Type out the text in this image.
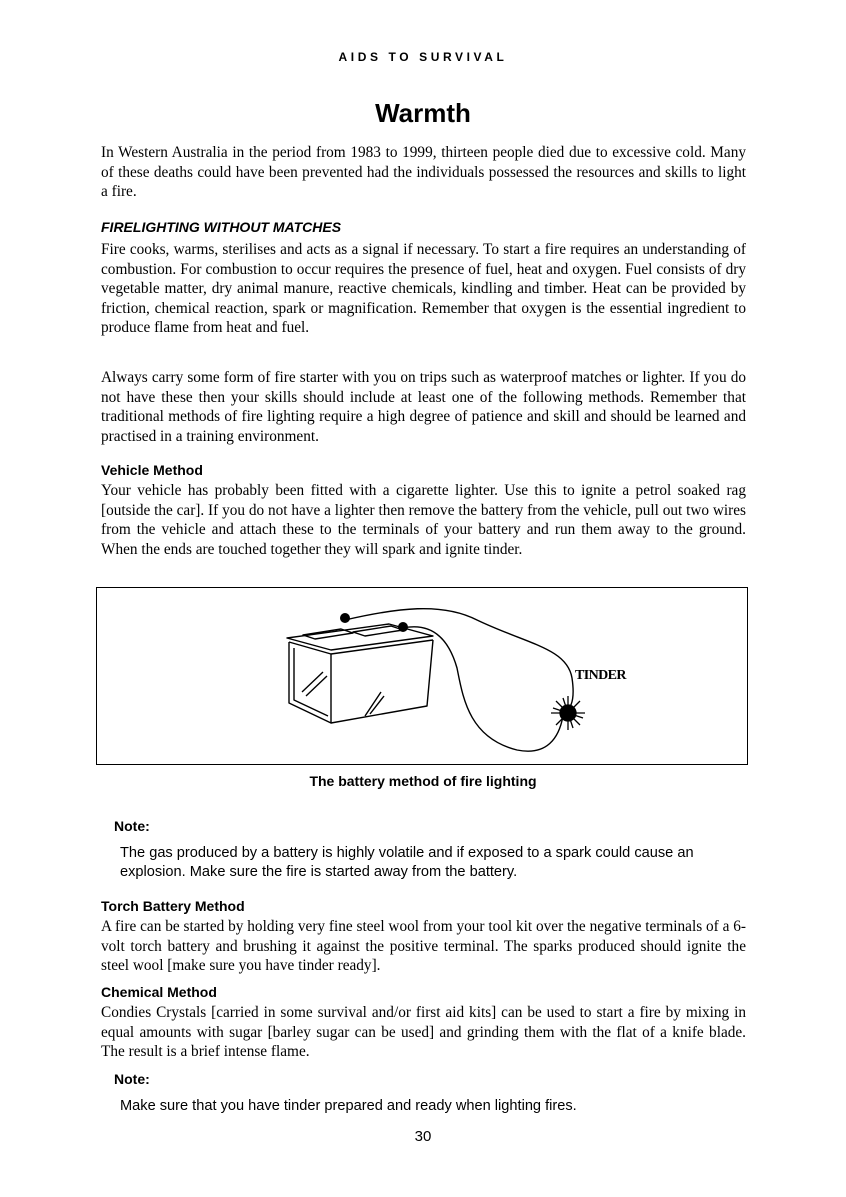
AIDS TO SURVIVAL
Warmth

In Western Australia in the period from 1983 to 1999, thirteen people died due to excessive cold. Many of these deaths could have been prevented had the individuals possessed the resources and skills to light a fire.

FIRELIGHTING WITHOUT MATCHES

Fire cooks, warms, sterilises and acts as a signal if necessary. To start a fire requires an understanding of combustion. For combustion to occur requires the presence of fuel, heat and oxygen. Fuel consists of dry vegetable matter, dry animal manure, reactive chemicals, kindling and timber. Heat can be provided by friction, chemical reaction, spark or magnification. Remember that oxygen is the essential ingredient to produce flame from heat and fuel.

Always carry some form of fire starter with you on trips such as waterproof matches or lighter. If you do not have these then your skills should include at least one of the following methods. Remember that traditional methods of fire lighting require a high degree of patience and skill and should be learned and practised in a training environment.

Vehicle Method

Your vehicle has probably been fitted with a cigarette lighter. Use this to ignite a petrol soaked rag [outside the car]. If you do not have a lighter then remove the battery from the vehicle, pull out two wires from the vehicle and attach these to the terminals of your battery and run them away to the ground. When the ends are touched together they will spark and ignite tinder.

TINDER

The battery method of fire lighting

Note:

The gas produced by a battery is highly volatile and if exposed to a spark could cause an explosion. Make sure the fire is started away from the battery.

Torch Battery Method

A fire can be started by holding very fine steel wool from your tool kit over the negative terminals of a 6-volt torch battery and brushing it against the positive terminal. The sparks produced should ignite the steel wool [make sure you have tinder ready].

Chemical Method

Condies Crystals [carried in some survival and/or first aid kits] can be used to start a fire by mixing in equal amounts with sugar [barley sugar can be used] and grinding them with the flat of a knife blade. The result is a brief intense flame.

Note:

Make sure that you have tinder prepared and ready when lighting fires.

30
